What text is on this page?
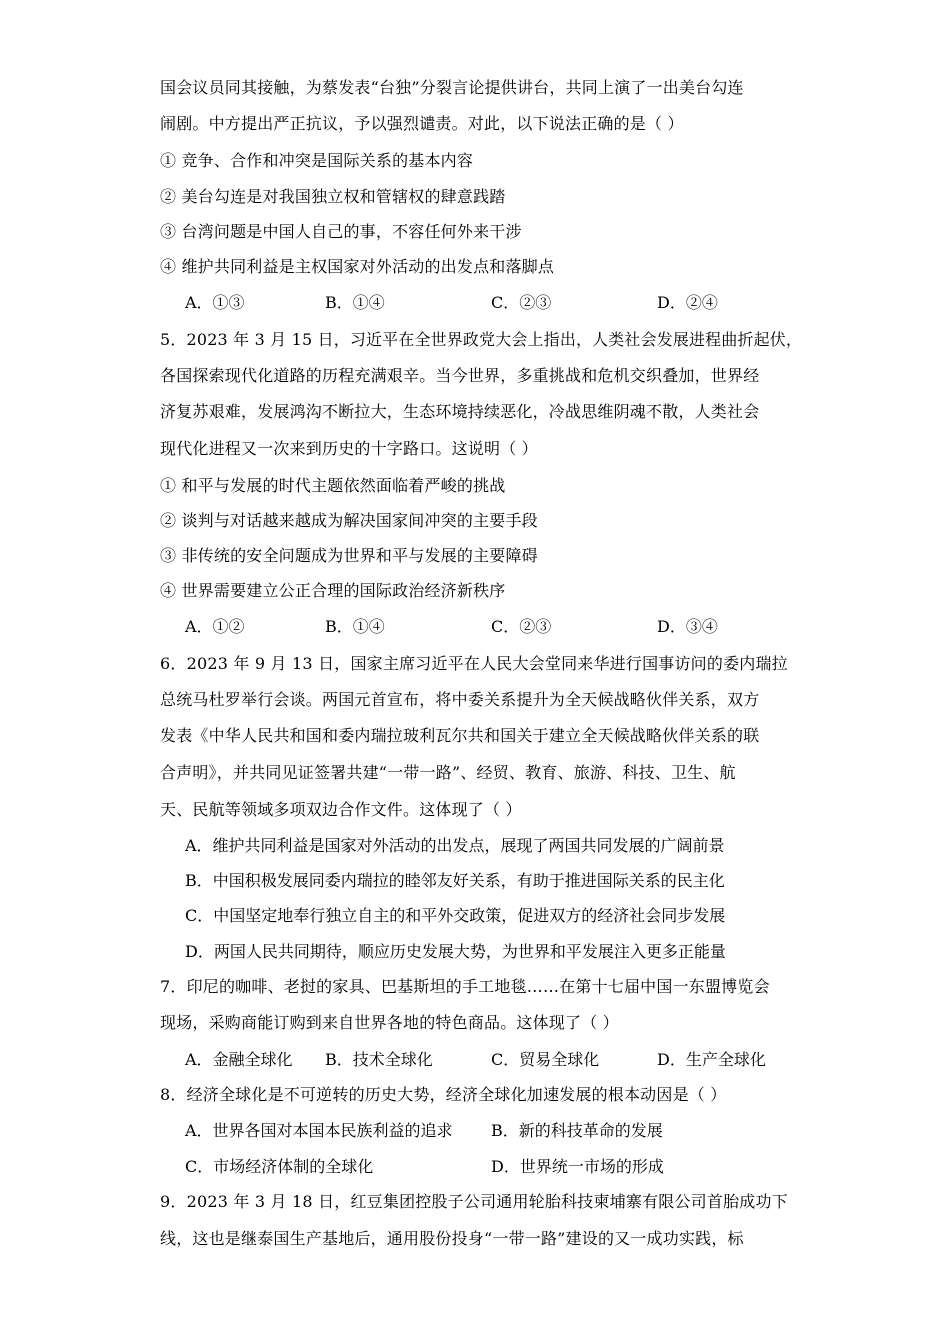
国会议员同其接触，为蔡发表“台独”分裂言论提供讲台，共同上演了一出美台勾连
闹剧。中方提出严正抗议，予以强烈谴责。对此，以下说法正确的是（ ）
① 竞争、合作和冲突是国际关系的基本内容
② 美台勾连是对我国独立权和管辖权的肆意践踏
③ 台湾问题是中国人自己的事，不容任何外来干涉
④ 维护共同利益是主权国家对外活动的出发点和落脚点
A．①③	B．①④	C．②③	D．②④
5．2023 年 3 月 15 日，习近平在全世界政党大会上指出，人类社会发展进程曲折起伏，
各国探索现代化道路的历程充满艰辛。当今世界，多重挑战和危机交织叠加，世界经
济复苏艰难，发展鸿沟不断拉大，生态环境持续恶化，冷战思维阴魂不散，人类社会
现代化进程又一次来到历史的十字路口。这说明（ ）
① 和平与发展的时代主题依然面临着严峻的挑战
② 谈判与对话越来越成为解决国家间冲突的主要手段
③ 非传统的安全问题成为世界和平与发展的主要障碍
④ 世界需要建立公正合理的国际政治经济新秩序
A．①②	B．①④	C．②③	D．③④
6．2023 年 9 月 13 日，国家主席习近平在人民大会堂同来华进行国事访问的委内瑞拉
总统马杜罗举行会谈。两国元首宣布，将中委关系提升为全天候战略伙伴关系，双方
发表《中华人民共和国和委内瑞拉玻利瓦尔共和国关于建立全天候战略伙伴关系的联
合声明》，并共同见证签署共建“一带一路”、经贸、教育、旅游、科技、卫生、航
天、民航等领域多项双边合作文件。这体现了（ ）
A．维护共同利益是国家对外活动的出发点，展现了两国共同发展的广阔前景
B．中国积极发展同委内瑞拉的睦邻友好关系，有助于推进国际关系的民主化
C．中国坚定地奉行独立自主的和平外交政策，促进双方的经济社会同步发展
D．两国人民共同期待，顺应历史发展大势，为世界和平发展注入更多正能量
7．印尼的咖啡、老挝的家具、巴基斯坦的手工地毯……在第十七届中国一东盟博览会
现场，采购商能订购到来自世界各地的特色商品。这体现了（ ）
A．金融全球化 B．技术全球化	C．贸易全球化	D．生产全球化
8．经济全球化是不可逆转的历史大势，经济全球化加速发展的根本动因是（ ）
A．世界各国对本国本民族利益的追求 B．新的科技革命的发展
C．市场经济体制的全球化	D．世界统一市场的形成
9．2023 年 3 月 18 日，红豆集团控股子公司通用轮胎科技柬埔寨有限公司首胎成功下
线，这也是继泰国生产基地后，通用股份投身“一带一路”建设的又一成功实践，标
